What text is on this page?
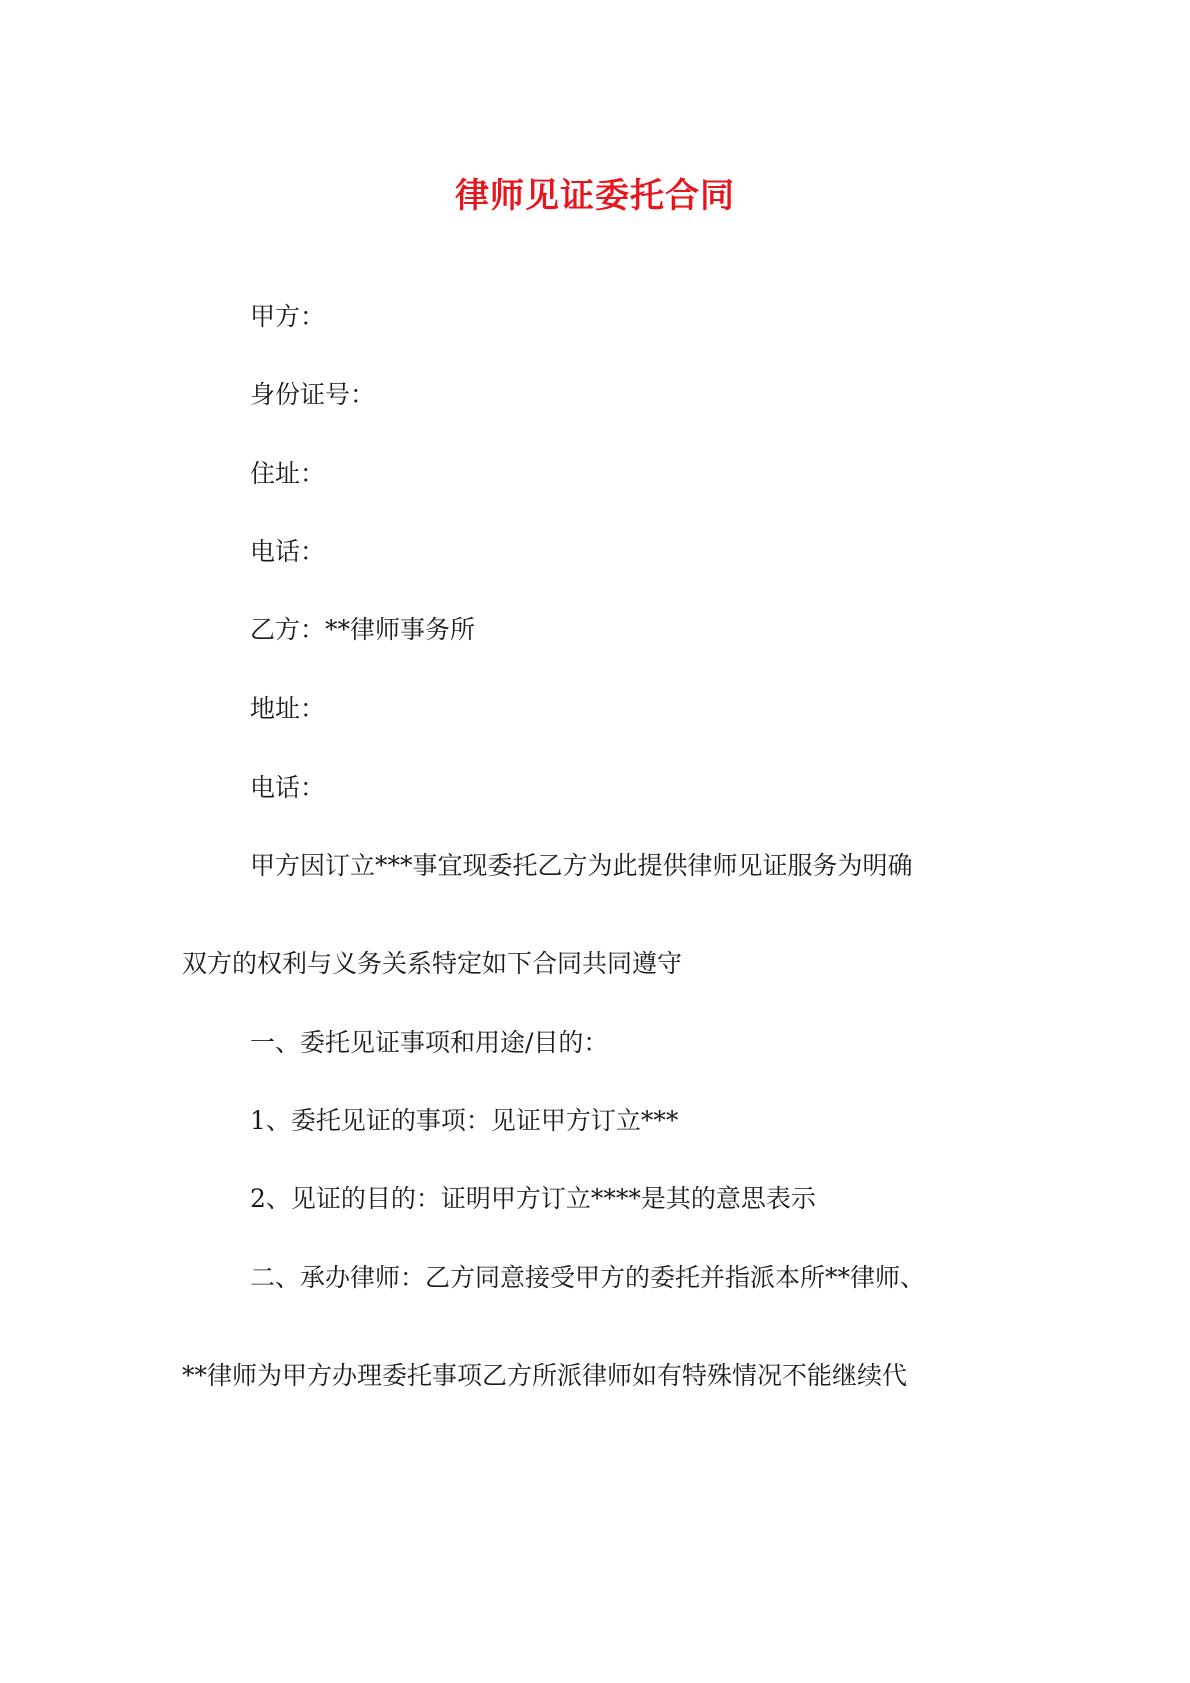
律师见证委托合同
甲方：
身份证号：
住址：
电话：
乙方：**律师事务所
地址：
电话：
甲方因订立***事宜现委托乙方为此提供律师见证服务为明确
双方的权利与义务关系特定如下合同共同遵守
一、委托见证事项和用途/目的：
1、委托见证的事项：见证甲方订立***
2、见证的目的：证明甲方订立****是其的意思表示
二、承办律师：乙方同意接受甲方的委托并指派本所**律师、
**律师为甲方办理委托事项乙方所派律师如有特殊情况不能继续代
